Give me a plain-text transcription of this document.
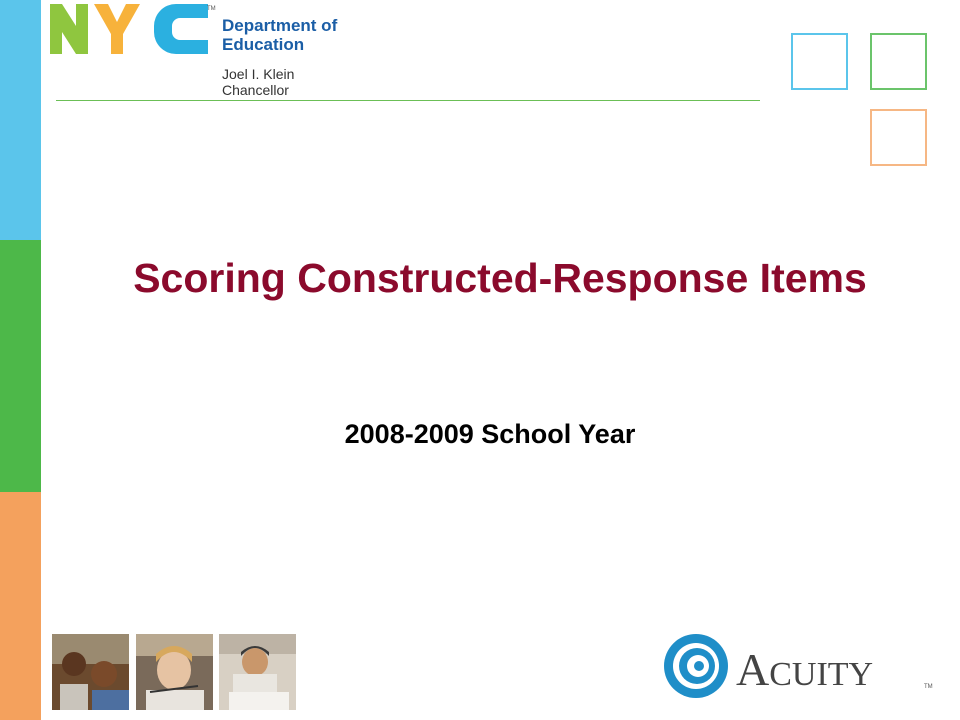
TM
Department of
Education
Joel I. Klein
Chancellor
Scoring Constructed-Response Items
2008-2009 School Year
ACUITY	TM
